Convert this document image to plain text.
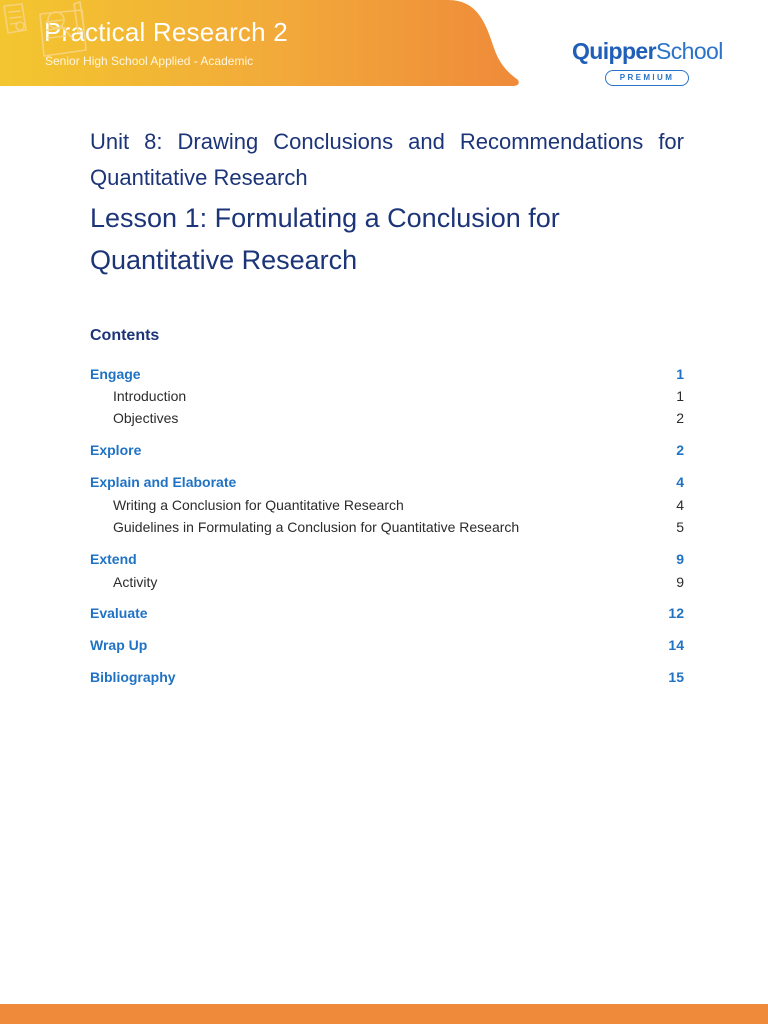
Practical Research 2
Senior High School Applied - Academic	QuipperSchool
PREMIUM
Unit 8: Drawing Conclusions and Recommendations for Quantitative Research
Lesson 1: Formulating a Conclusion for Quantitative Research
Contents
Engage	1
Introduction	1
Objectives	2
Explore	2
Explain and Elaborate	4
Writing a Conclusion for Quantitative Research	4
Guidelines in Formulating a Conclusion for Quantitative Research	5
Extend	9
Activity	9
Evaluate	12
Wrap Up	14
Bibliography	15
